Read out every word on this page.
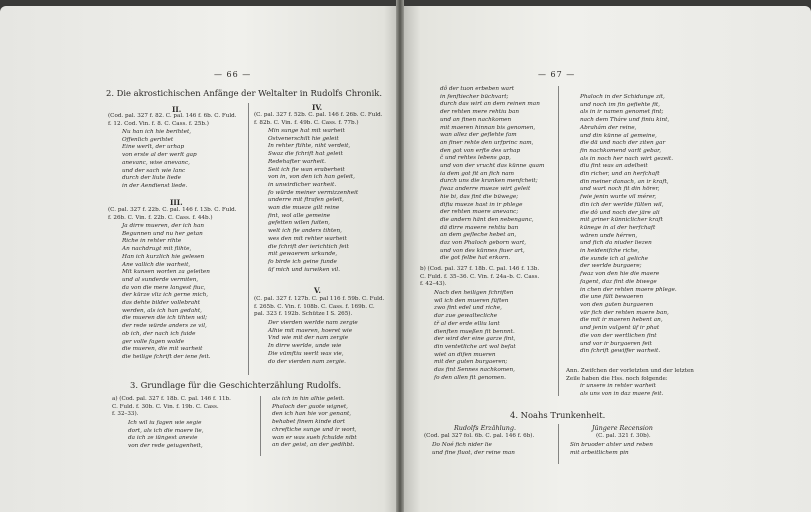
— 66 —
2. Die akrostichischen Anfänge der Weltalter in Rudolfs Chronik.
II.
(Cod. pal. 327 f. 82. C. pal. 146 f. 6b. C. Fuld.
f. 12. Cod. Vin. f. 8. C. Cass. f. 25b.)
Nu han ich hie berihtet,
Offenlich gerihtet
Eine werlt, der urhap
von erste al der werlt gap
anevanc, wise anevanc,
und der sach wie lanc
durch der liute liede
in der Aendienst liede.
III.
(C. pal. 327 f. 22b. C. pal. 146 f. 13b. C. Fuld.
f. 26b. C. Vin. f. 22b. C. Cass. f. 44b.)
Ja dirre mueren, der ich han
Begunnen und nu her getan
Riche in rehter rihte
An nachdrugt mit flihte,
Han ich kurzlich hie gelesen
Ane vallich die warheit,
Mit kunsen worten za geleiten
und al sunderde vermiten,
da von die mere langest fiuc,
der kürze vliz ich gerne mich,
das dehte bilder vollebraht
werden, als ich han gedaht,
die mueren die ich tihten wil;
der rede würde anders ze vil,
ob ich, der nach ich fuide
ger volle fagen wolde
die mueren, die mit warheit
die heilige fchrift der iene feit.
IV.
(C. pal. 327 f. 52b. C. pal. 146 f. 26b. C. Fuld.
f. 82b. C. Vin. f. 49b. C. Cass. f. 77b.)
Min sunge hat mit warheit
Ostvenerschilt hie geleit
In rehter ftihte, niht verdeit,
Swaz die fchrift hat geleit
Redehafter warheit.
Seit ich fie wan eraberheit
von in, von den ich han geleit,
in unwirdicher warheit.
fo würde meiner vermizzenheit
underre mit ftrafen geleit,
wan die mueze gilt reine
fint, wol alle gemeine
gefetten wilen fuiten,
welt ich fie anders tihten,
wes den mit rehter warheit
die fchrift der ierichtich feit
mit gewaerem urkunde,
fo birde ich geine funde
üf mich und iurwiken vil.
V.
(C. pal. 327 f. 127b. C. pal 116 f. 59b. C. Fuld.
f. 265b. C. Vin. f. 108b. C. Cass. f. 169b. C.
pal. 323 f. 192b. Schütze I S. 265).
Der vierden werlde nam zergie
Alhie mit maeren, hoeret wie
Vnd wie mit der nam zergie
In dirre werlde, unde wie
Die vümftiu werlt was vie,
do der vierden nam zergie.
3. Grundlage für die Geschichterzählung Rudolfs.
a) (Cod. pal. 327 f. 18b. C. pal. 146 f. 11b.
C. Fuld. f. 30b. C. Vin. f. 19b. C. Cass.
f. 32–33).
Ich wil iu fagen wie segie
dort, als ich die maere lie,
da ich ze iüngest anevie
von der rede geiugenheit,
als ich in hin alhie geleit.
Phaloch der guote wignet,
den ich han hie vor genant,
behabet finem kinde dort
chreftiche sunge und ir wort,
wan er was sueh fchulde nibt
an der geist, an der gedihbt.
— 67 —
dô der tuon erbeben wart
in fenftiecher büchvart;
durch das wirt an dem reinen man
der rehten mere rehtiu ban
und an finen nachkomen
mit maeren hinnan bis genomen,
wan allez der geflehte fam
an finer rehte den urfprinc nam,
den got von erfte des urhap
č und rehtes lebens gap,
und von der vrucht das künne quam
ia dem got fit an fich nam
durch uns die kranken menfcheit;
fwaz anderre mueze wirt geleit
hie bi, das fint die büwege;
difiu mueze hast in ir phlege
der rehten maere anevanc;
die andern hänt den nebenganc,
dä dirre maeere rehtiu ban
an dem gefleche hebet an,
daz von Phaloch geborn wart,
und von des künnes fiuer art,
die got felbe hat erkorn.
b) (Cod. pal. 327 f. 18b. C. pal. 146 f. 13b.
C. Fuld. f. 35–36. C. Vin. f. 24a–b. C. Cass.
f. 42–43).
Nach den heiligen fchriften
wil ich den mueren füften
zwo fint edel und riche,
dar zue gewaltecliche
tř al der erde elliu lant
dienften mueßen fit bennnt.
der wird der eine garze fint,
din ventetliche art wol befat
wiet an difen mueren
mit der guten burgaeren;
das fint Sennes nachkomen,
fo den allen fit genomen.
Phaloch in der Schidunge zit,
und noch im fin gefiehte fit,
als in ir namen genomet fint;
nach dem Tháre und finiu kint,
Abrahám der reine,
und din künne al gemeine,
die dä und nach der ziten gar
fin nachkomend varlt gebar,
als in noch her nach wirt gezeit.
diu fint was an adelheit
din richer, und an herfchaft
din meiner danach, an ir kraft,
und wart noch fit din hörer,
fwie jenin wurte vil mérer,
din ich der werlde fülten wil,
die dô und noch der järe ali
mit griner künniclicher kraft
künege in al der herfchaft
wären unde hérren,
und fich da niuder liezen
in heidenifche riche,
die sunde ich al geliche
der werlde burgaere;
fwaz von den hie die maere
fagent, daz fint die biwege
in chen der rehten maere phlege.
die une fült bewaeren
von den guten burgaeren
vür fich der rehten maere ban,
die mit ir maeren hebent an,
und jenin vulgent üf ir phat
die von der wertlichen fint
und vor ir burgaeren feit
din fchrift gewiffer warheit.
Ann. Zwifchen der vorletzten und der letzten
Zeile haben die Hss. noch folgende:
ir unsere in rehter warheit
als uns von in daz maere feit.
4. Noahs Trunkenheit.
Rudolfs Erzählung.
(Cod. pal 327 fol. 6b. C. pal. 146 f. 6b).
Do Noé fich nider lie
und fine fluot, der reine man
Jüngere Recension
(C. pal. 321 f. 30b).
Sin bruoder ahter und reben
mit arbeitlichem pin
